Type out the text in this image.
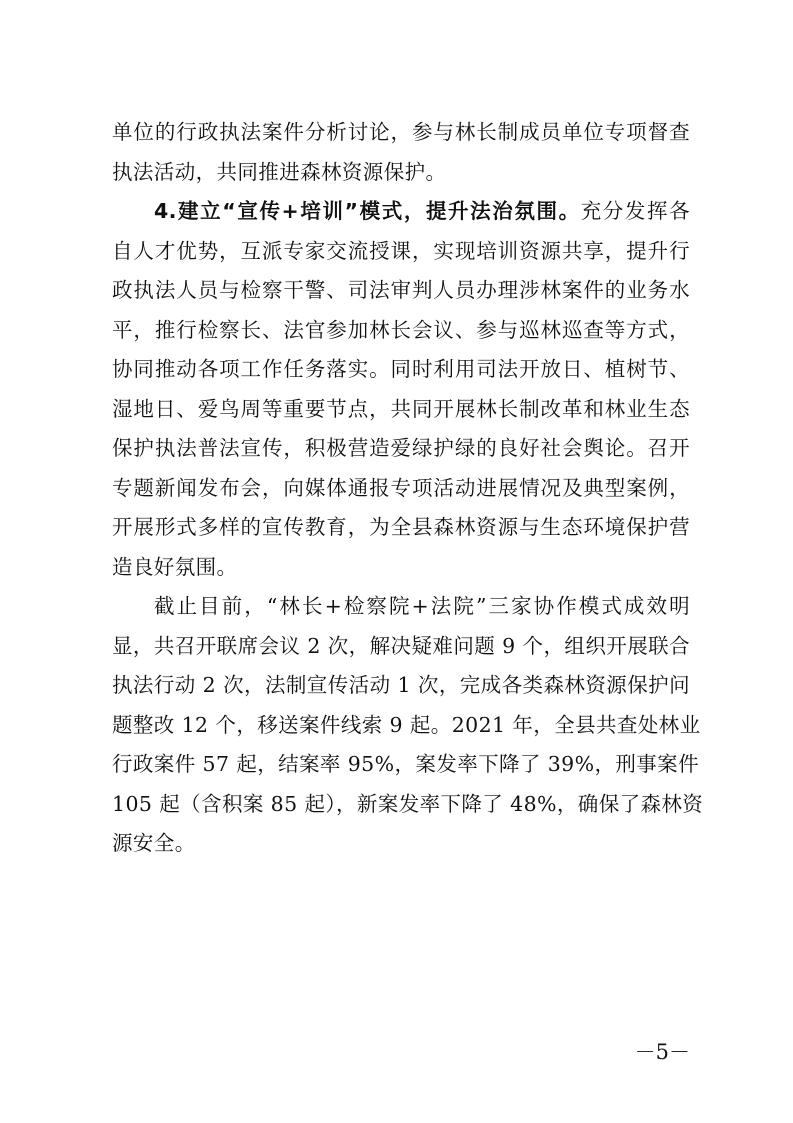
单位的行政执法案件分析讨论，参与林长制成员单位专项督查
执法活动，共同推进森林资源保护。
4.建立“宣传+培训”模式，提升法治氛围。充分发挥各
自人才优势，互派专家交流授课，实现培训资源共享，提升行
政执法人员与检察干警、司法审判人员办理涉林案件的业务水
平，推行检察长、法官参加林长会议、参与巡林巡查等方式，
协同推动各项工作任务落实。同时利用司法开放日、植树节、
湿地日、爱鸟周等重要节点，共同开展林长制改革和林业生态
保护执法普法宣传，积极营造爱绿护绿的良好社会舆论。召开
专题新闻发布会，向媒体通报专项活动进展情况及典型案例，
开展形式多样的宣传教育，为全县森林资源与生态环境保护营
造良好氛围。
截止目前，“林长+检察院+法院”三家协作模式成效明
显，共召开联席会议 2 次，解决疑难问题 9 个，组织开展联合
执法行动 2 次，法制宣传活动 1 次，完成各类森林资源保护问
题整改 12 个，移送案件线索 9 起。2021 年，全县共查处林业
行政案件 57 起，结案率 95%，案发率下降了 39%，刑事案件
105 起（含积案 85 起），新案发率下降了 48%，确保了森林资
源安全。
－5－
